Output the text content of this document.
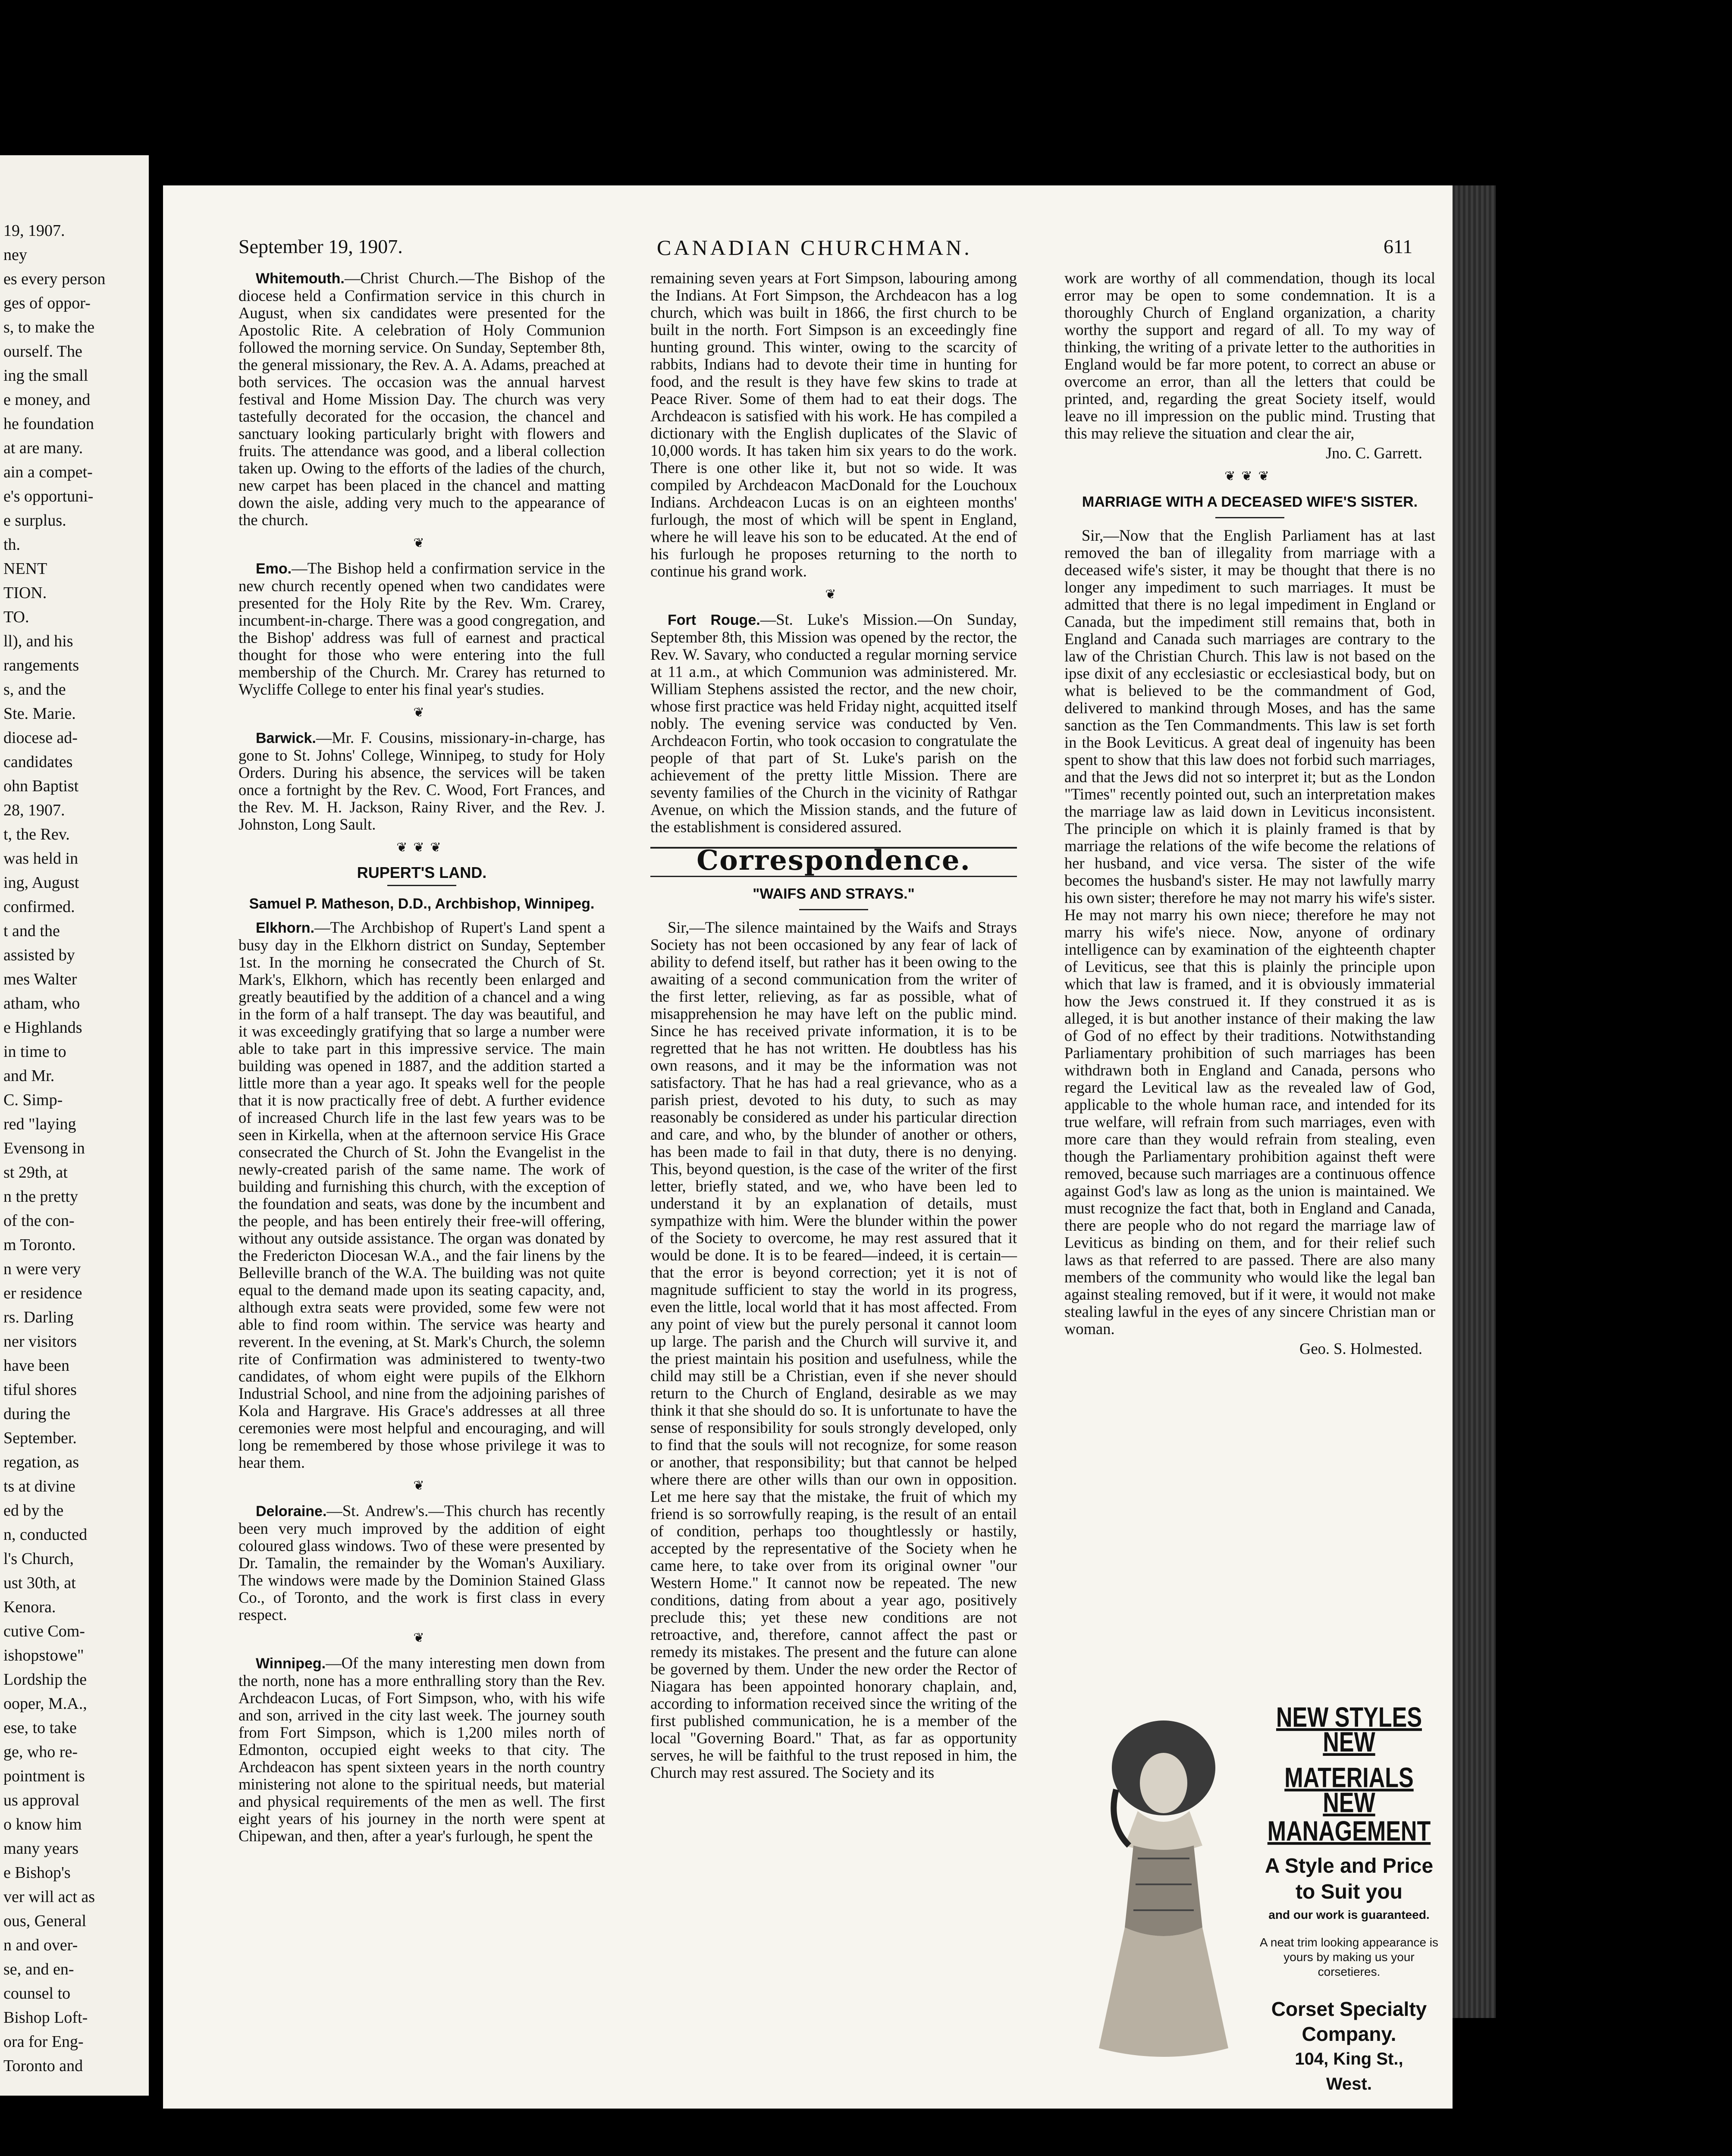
19, 1907.
ney
es every person
ges of oppor-
s, to make the
ourself. The
ing the small
e money, and
he foundation
at are many.
ain a compet-
e's opportuni-
e surplus.
th.
NENT
TION.
TO.
ll), and his
rangements
s, and the
Ste. Marie.
diocese ad-
candidates
ohn Baptist
28, 1907.
t, the Rev.
was held in
ing, August
confirmed.
t and the
assisted by
mes Walter
atham, who
e Highlands
in time to
and Mr.
C. Simp-
red "laying
Evensong in
st 29th, at
n the pretty
of the con-
m Toronto.
n were very
er residence
rs. Darling
ner visitors
have been
tiful shores
during the
September.
regation, as
ts at divine
ed by the
n, conducted
l's Church,
ust 30th, at
Kenora.
cutive Com-
ishopstowe"
Lordship the
ooper, M.A.,
ese, to take
ge, who re-
pointment is
us approval
o know him
many years
e Bishop's
ver will act as
ous, General
n and over-
se, and en-
counsel to
Bishop Loft-
ora for Eng-
Toronto and
September 19, 1907.	CANADIAN CHURCHMAN.	611

Whitemouth.—Christ Church.—The Bishop of the diocese held a Confirmation service in this church in August, when six candidates were presented for the Apostolic Rite. A celebration of Holy Communion followed the morning service. On Sunday, September 8th, the general missionary, the Rev. A. A. Adams, preached at both services. The occasion was the annual harvest festival and Home Mission Day. The church was very tastefully decorated for the occasion, the chancel and sanctuary looking particularly bright with flowers and fruits. The attendance was good, and a liberal collection taken up. Owing to the efforts of the ladies of the church, new carpet has been placed in the chancel and matting down the aisle, adding very much to the appearance of the church.

❦

Emo.—The Bishop held a confirmation service in the new church recently opened when two candidates were presented for the Holy Rite by the Rev. Wm. Crarey, incumbent-in-charge. There was a good congregation, and the Bishop' address was full of earnest and practical thought for those who were entering into the full membership of the Church. Mr. Crarey has returned to Wycliffe College to enter his final year's studies.

❦

Barwick.—Mr. F. Cousins, missionary-in-charge, has gone to St. Johns' College, Winnipeg, to study for Holy Orders. During his absence, the services will be taken once a fortnight by the Rev. C. Wood, Fort Frances, and the Rev. M. H. Jackson, Rainy River, and the Rev. J. Johnston, Long Sault.

❦❦❦
RUPERT'S LAND.
Samuel P. Matheson, D.D., Archbishop, Winnipeg.

Elkhorn.—The Archbishop of Rupert's Land spent a busy day in the Elkhorn district on Sunday, September 1st. In the morning he consecrated the Church of St. Mark's, Elkhorn, which has recently been enlarged and greatly beautified by the addition of a chancel and a wing in the form of a half transept. The day was beautiful, and it was exceedingly gratifying that so large a number were able to take part in this impressive service. The main building was opened in 1887, and the addition started a little more than a year ago. It speaks well for the people that it is now practically free of debt. A further evidence of increased Church life in the last few years was to be seen in Kirkella, when at the afternoon service His Grace consecrated the Church of St. John the Evangelist in the newly-created parish of the same name. The work of building and furnishing this church, with the exception of the foundation and seats, was done by the incumbent and the people, and has been entirely their free-will offering, without any outside assistance. The organ was donated by the Fredericton Diocesan W.A., and the fair linens by the Belleville branch of the W.A. The building was not quite equal to the demand made upon its seating capacity, and, although extra seats were provided, some few were not able to find room within. The service was hearty and reverent. In the evening, at St. Mark's Church, the solemn rite of Confirmation was administered to twenty-two candidates, of whom eight were pupils of the Elkhorn Industrial School, and nine from the adjoining parishes of Kola and Hargrave. His Grace's addresses at all three ceremonies were most helpful and encouraging, and will long be remembered by those whose privilege it was to hear them.

❦

Deloraine.—St. Andrew's.—This church has recently been very much improved by the addition of eight coloured glass windows. Two of these were presented by Dr. Tamalin, the remainder by the Woman's Auxiliary. The windows were made by the Dominion Stained Glass Co., of Toronto, and the work is first class in every respect.

❦

Winnipeg.—Of the many interesting men down from the north, none has a more enthralling story than the Rev. Archdeacon Lucas, of Fort Simpson, who, with his wife and son, arrived in the city last week. The journey south from Fort Simpson, which is 1,200 miles north of Edmonton, occupied eight weeks to that city. The Archdeacon has spent sixteen years in the north country ministering not alone to the spiritual needs, but material and physical requirements of the men as well. The first eight years of his journey in the north were spent at Chipewan, and then, after a year's furlough, he spent the

remaining seven years at Fort Simpson, labouring among the Indians. At Fort Simpson, the Archdeacon has a log church, which was built in 1866, the first church to be built in the north. Fort Simpson is an exceedingly fine hunting ground. This winter, owing to the scarcity of rabbits, Indians had to devote their time in hunting for food, and the result is they have few skins to trade at Peace River. Some of them had to eat their dogs. The Archdeacon is satisfied with his work. He has compiled a dictionary with the English duplicates of the Slavic of 10,000 words. It has taken him six years to do the work. There is one other like it, but not so wide. It was compiled by Archdeacon MacDonald for the Louchoux Indians. Archdeacon Lucas is on an eighteen months' furlough, the most of which will be spent in England, where he will leave his son to be educated. At the end of his furlough he proposes returning to the north to continue his grand work.

❦

Fort Rouge.—St. Luke's Mission.—On Sunday, September 8th, this Mission was opened by the rector, the Rev. W. Savary, who conducted a regular morning service at 11 a.m., at which Communion was administered. Mr. William Stephens assisted the rector, and the new choir, whose first practice was held Friday night, acquitted itself nobly. The evening service was conducted by Ven. Archdeacon Fortin, who took occasion to congratulate the people of that part of St. Luke's parish on the achievement of the pretty little Mission. There are seventy families of the Church in the vicinity of Rathgar Avenue, on which the Mission stands, and the future of the establishment is considered assured.

Correspondence.
"WAIFS AND STRAYS."

Sir,—The silence maintained by the Waifs and Strays Society has not been occasioned by any fear of lack of ability to defend itself, but rather has it been owing to the awaiting of a second communication from the writer of the first letter, relieving, as far as possible, what of misapprehension he may have left on the public mind. Since he has received private information, it is to be regretted that he has not written. He doubtless has his own reasons, and it may be the information was not satisfactory. That he has had a real grievance, who as a parish priest, devoted to his duty, to such as may reasonably be considered as under his particular direction and care, and who, by the blunder of another or others, has been made to fail in that duty, there is no denying. This, beyond question, is the case of the writer of the first letter, briefly stated, and we, who have been led to understand it by an explanation of details, must sympathize with him. Were the blunder within the power of the Society to overcome, he may rest assured that it would be done. It is to be feared—indeed, it is certain—that the error is beyond correction; yet it is not of magnitude sufficient to stay the world in its progress, even the little, local world that it has most affected. From any point of view but the purely personal it cannot loom up large. The parish and the Church will survive it, and the priest maintain his position and usefulness, while the child may still be a Christian, even if she never should return to the Church of England, desirable as we may think it that she should do so. It is unfortunate to have the sense of responsibility for souls strongly developed, only to find that the souls will not recognize, for some reason or another, that responsibility; but that cannot be helped where there are other wills than our own in opposition. Let me here say that the mistake, the fruit of which my friend is so sorrowfully reaping, is the result of an entail of condition, perhaps too thoughtlessly or hastily, accepted by the representative of the Society when he came here, to take over from its original owner "our Western Home." It cannot now be repeated. The new conditions, dating from about a year ago, positively preclude this; yet these new conditions are not retroactive, and, therefore, cannot affect the past or remedy its mistakes. The present and the future can alone be governed by them. Under the new order the Rector of Niagara has been appointed honorary chaplain, and, according to information received since the writing of the first published communication, he is a member of the local "Governing Board." That, as far as opportunity serves, he will be faithful to the trust reposed in him, the Church may rest assured. The Society and its

work are worthy of all commendation, though its local error may be open to some condemnation. It is a thoroughly Church of England organization, a charity worthy the support and regard of all. To my way of thinking, the writing of a private letter to the authorities in England would be far more potent, to correct an abuse or overcome an error, than all the letters that could be printed, and, regarding the great Society itself, would leave no ill impression on the public mind. Trusting that this may relieve the situation and clear the air,

Jno. C. Garrett.
❦❦❦
MARRIAGE WITH A DECEASED WIFE'S SISTER.

Sir,—Now that the English Parliament has at last removed the ban of illegality from marriage with a deceased wife's sister, it may be thought that there is no longer any impediment to such marriages. It must be admitted that there is no legal impediment in England or Canada, but the impediment still remains that, both in England and Canada such marriages are contrary to the law of the Christian Church. This law is not based on the ipse dixit of any ecclesiastic or ecclesiastical body, but on what is believed to be the commandment of God, delivered to mankind through Moses, and has the same sanction as the Ten Commandments. This law is set forth in the Book Leviticus. A great deal of ingenuity has been spent to show that this law does not forbid such marriages, and that the Jews did not so interpret it; but as the London "Times" recently pointed out, such an interpretation makes the marriage law as laid down in Leviticus inconsistent. The principle on which it is plainly framed is that by marriage the relations of the wife become the relations of her husband, and vice versa. The sister of the wife becomes the husband's sister. He may not lawfully marry his own sister; therefore he may not marry his wife's sister. He may not marry his own niece; therefore he may not marry his wife's niece. Now, anyone of ordinary intelligence can by examination of the eighteenth chapter of Leviticus, see that this is plainly the principle upon which that law is framed, and it is obviously immaterial how the Jews construed it. If they construed it as is alleged, it is but another instance of their making the law of God of no effect by their traditions. Notwithstanding Parliamentary prohibition of such marriages has been withdrawn both in England and Canada, persons who regard the Levitical law as the revealed law of God, applicable to the whole human race, and intended for its true welfare, will refrain from such marriages, even with more care than they would refrain from stealing, even though the Parliamentary prohibition against theft were removed, because such marriages are a continuous offence against God's law as long as the union is maintained. We must recognize the fact that, both in England and Canada, there are people who do not regard the marriage law of Leviticus as binding on them, and for their relief such laws as that referred to are passed. There are also many members of the community who would like the legal ban against stealing removed, but if it were, it would not make stealing lawful in the eyes of any sincere Christian man or woman.

Geo. S. Holmested.
NEW STYLES
NEW MATERIALS
NEW
MANAGEMENT
A Style and Price
to Suit you
and our work is guaranteed.
A neat trim looking appearance is yours by making us your corsetieres.
Corset Specialty
Company.
104, King St.,
West.
